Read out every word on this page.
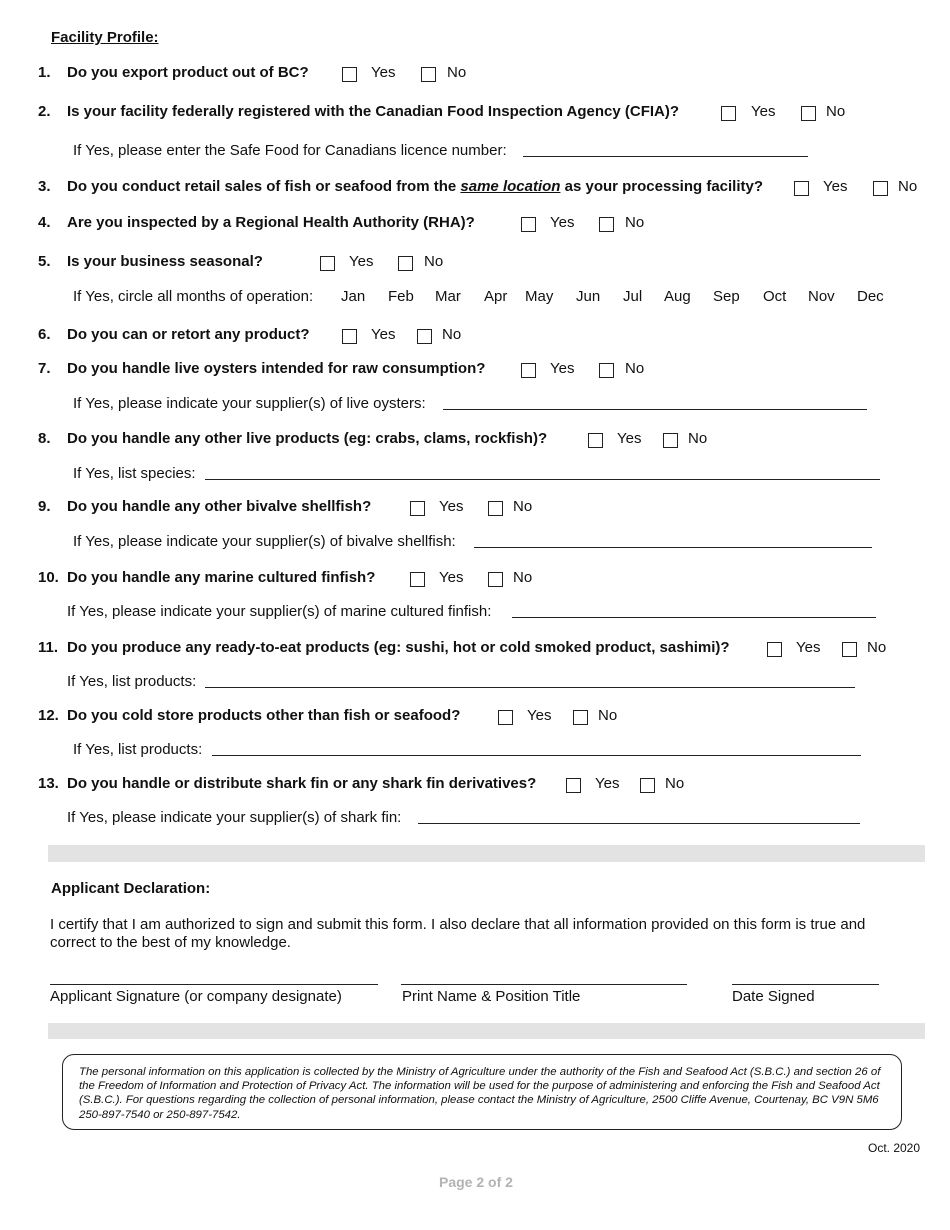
Facility Profile:
1. Do you export product out of BC?	Yes	No
2. Is your facility federally registered with the Canadian Food Inspection Agency (CFIA)?	Yes	No
If Yes, please enter the Safe Food for Canadians licence number:
3. Do you conduct retail sales of fish or seafood from the same location as your processing facility?	Yes	No
4. Are you inspected by a Regional Health Authority (RHA)?	Yes	No
5. Is your business seasonal?	Yes	No
If Yes, circle all months of operation: Jan Feb Mar Apr May Jun Jul Aug Sep Oct Nov Dec
6. Do you can or retort any product?	Yes	No
7. Do you handle live oysters intended for raw consumption?	Yes	No
If Yes, please indicate your supplier(s) of live oysters:
8. Do you handle any other live products (eg: crabs, clams, rockfish)?	Yes	No
If Yes, list species:
9. Do you handle any other bivalve shellfish?	Yes	No
If Yes, please indicate your supplier(s) of bivalve shellfish:
10. Do you handle any marine cultured finfish?	Yes	No
If Yes, please indicate your supplier(s) of marine cultured finfish:
11. Do you produce any ready-to-eat products (eg: sushi, hot or cold smoked product, sashimi)?	Yes	No
If Yes, list products:
12. Do you cold store products other than fish or seafood?	Yes	No
If Yes, list products:
13. Do you handle or distribute shark fin or any shark fin derivatives?	Yes	No
If Yes, please indicate your supplier(s) of shark fin:
Applicant Declaration:
I certify that I am authorized to sign and submit this form. I also declare that all information provided on this form is true and correct to the best of my knowledge.
Applicant Signature (or company designate)	Print Name & Position Title	Date Signed

The personal information on this application is collected by the Ministry of Agriculture under the authority of the Fish and Seafood Act (S.B.C.) and section 26 of the Freedom of Information and Protection of Privacy Act. The information will be used for the purpose of administering and enforcing the Fish and Seafood Act (S.B.C.). For questions regarding the collection of personal information, please contact the Ministry of Agriculture, 2500 Cliffe Avenue, Courtenay, BC V9N 5M6 250-897-7540 or 250-897-7542.

Oct. 2020
Page 2 of 2
